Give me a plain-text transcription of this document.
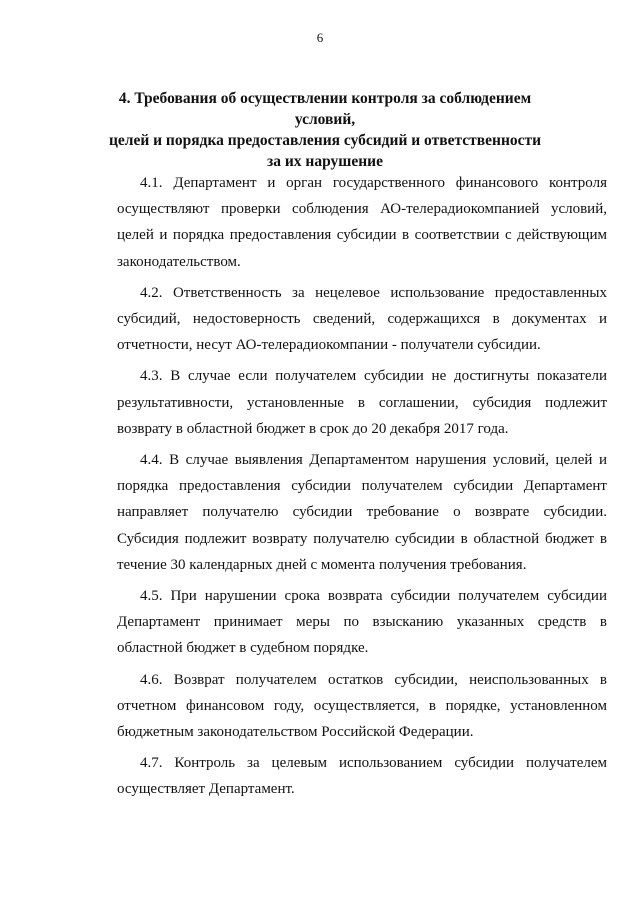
6
4. Требования об осуществлении контроля за соблюдением условий,
целей и порядка предоставления субсидий и ответственности
за их нарушение

4.1. Департамент и орган государственного финансового контроля осуществляют проверки соблюдения АО-телерадиокомпанией условий, целей и порядка предоставления субсидии в соответствии с действующим законодательством.

4.2. Ответственность за нецелевое использование предоставленных субсидий, недостоверность сведений, содержащихся в документах и отчетности, несут АО-телерадиокомпании - получатели субсидии.

4.3. В случае если получателем субсидии не достигнуты показатели результативности, установленные в соглашении, субсидия подлежит возврату в областной бюджет в срок до 20 декабря 2017 года.

4.4. В случае выявления Департаментом нарушения условий, целей и порядка предоставления субсидии получателем субсидии Департамент направляет получателю субсидии требование о возврате субсидии. Субсидия подлежит возврату получателю субсидии в областной бюджет в течение 30 календарных дней с момента получения требования.

4.5. При нарушении срока возврата субсидии получателем субсидии Департамент принимает меры по взысканию указанных средств в областной бюджет в судебном порядке.

4.6. Возврат получателем остатков субсидии, неиспользованных в отчетном финансовом году, осуществляется, в порядке, установленном бюджетным законодательством Российской Федерации.

4.7. Контроль за целевым использованием субсидии получателем осуществляет Департамент.
